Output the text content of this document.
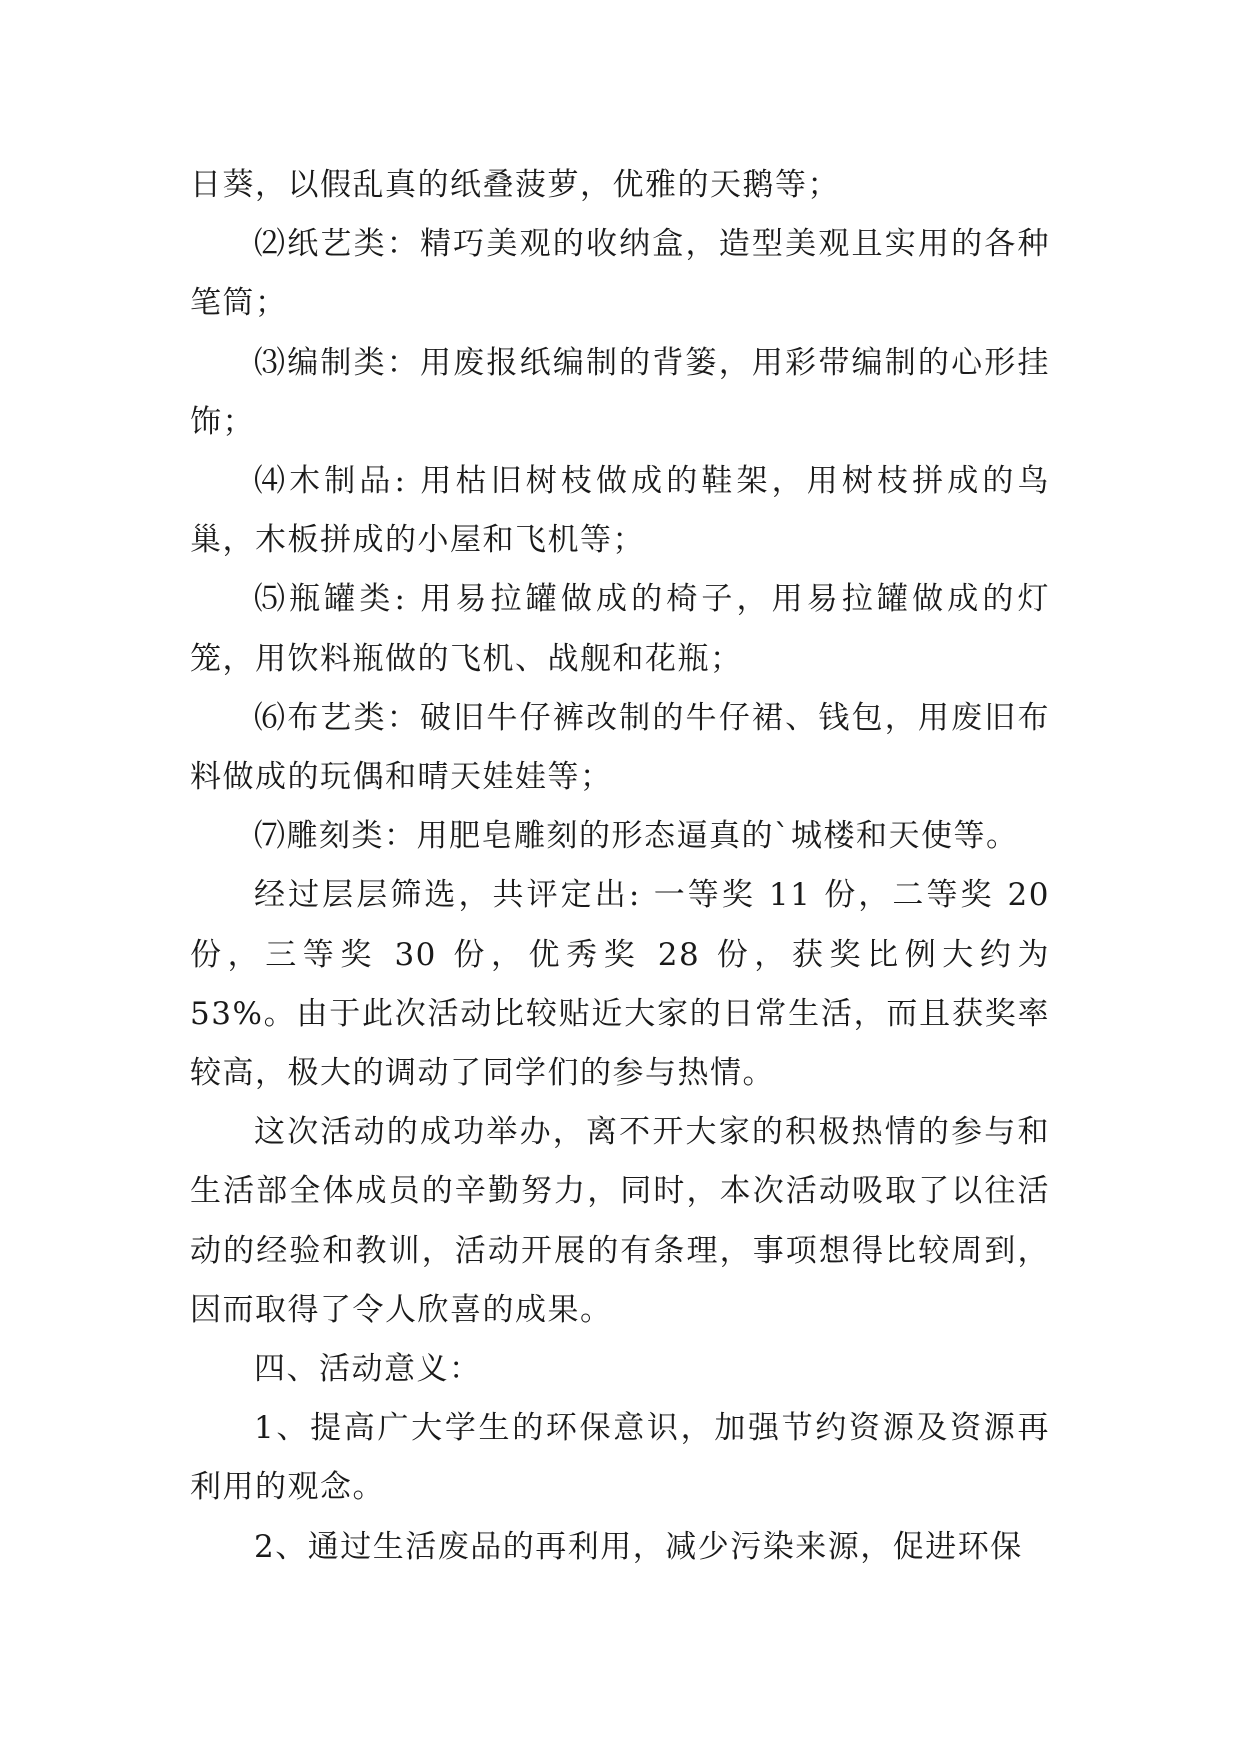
日葵，以假乱真的纸叠菠萝，优雅的天鹅等；

⑵纸艺类：精巧美观的收纳盒，造型美观且实用的各种笔筒；

⑶编制类：用废报纸编制的背篓，用彩带编制的心形挂饰；

⑷木制品: 用枯旧树枝做成的鞋架，用树枝拼成的鸟巢，木板拼成的小屋和飞机等；

⑸瓶罐类: 用易拉罐做成的椅子，用易拉罐做成的灯笼，用饮料瓶做的飞机、战舰和花瓶；

⑹布艺类：破旧牛仔裤改制的牛仔裙、钱包，用废旧布料做成的玩偶和晴天娃娃等；

⑺雕刻类：用肥皂雕刻的形态逼真的`城楼和天使等。

经过层层筛选，共评定出: 一等奖 11 份，二等奖 20 份，三等奖 30 份，优秀奖 28 份，获奖比例大约为 53%。由于此次活动比较贴近大家的日常生活，而且获奖率较高，极大的调动了同学们的参与热情。

这次活动的成功举办，离不开大家的积极热情的参与和生活部全体成员的辛勤努力，同时，本次活动吸取了以往活动的经验和教训，活动开展的有条理，事项想得比较周到，因而取得了令人欣喜的成果。

四、活动意义：

1、提高广大学生的环保意识，加强节约资源及资源再利用的观念。

2、通过生活废品的再利用，减少污染来源，促进环保
